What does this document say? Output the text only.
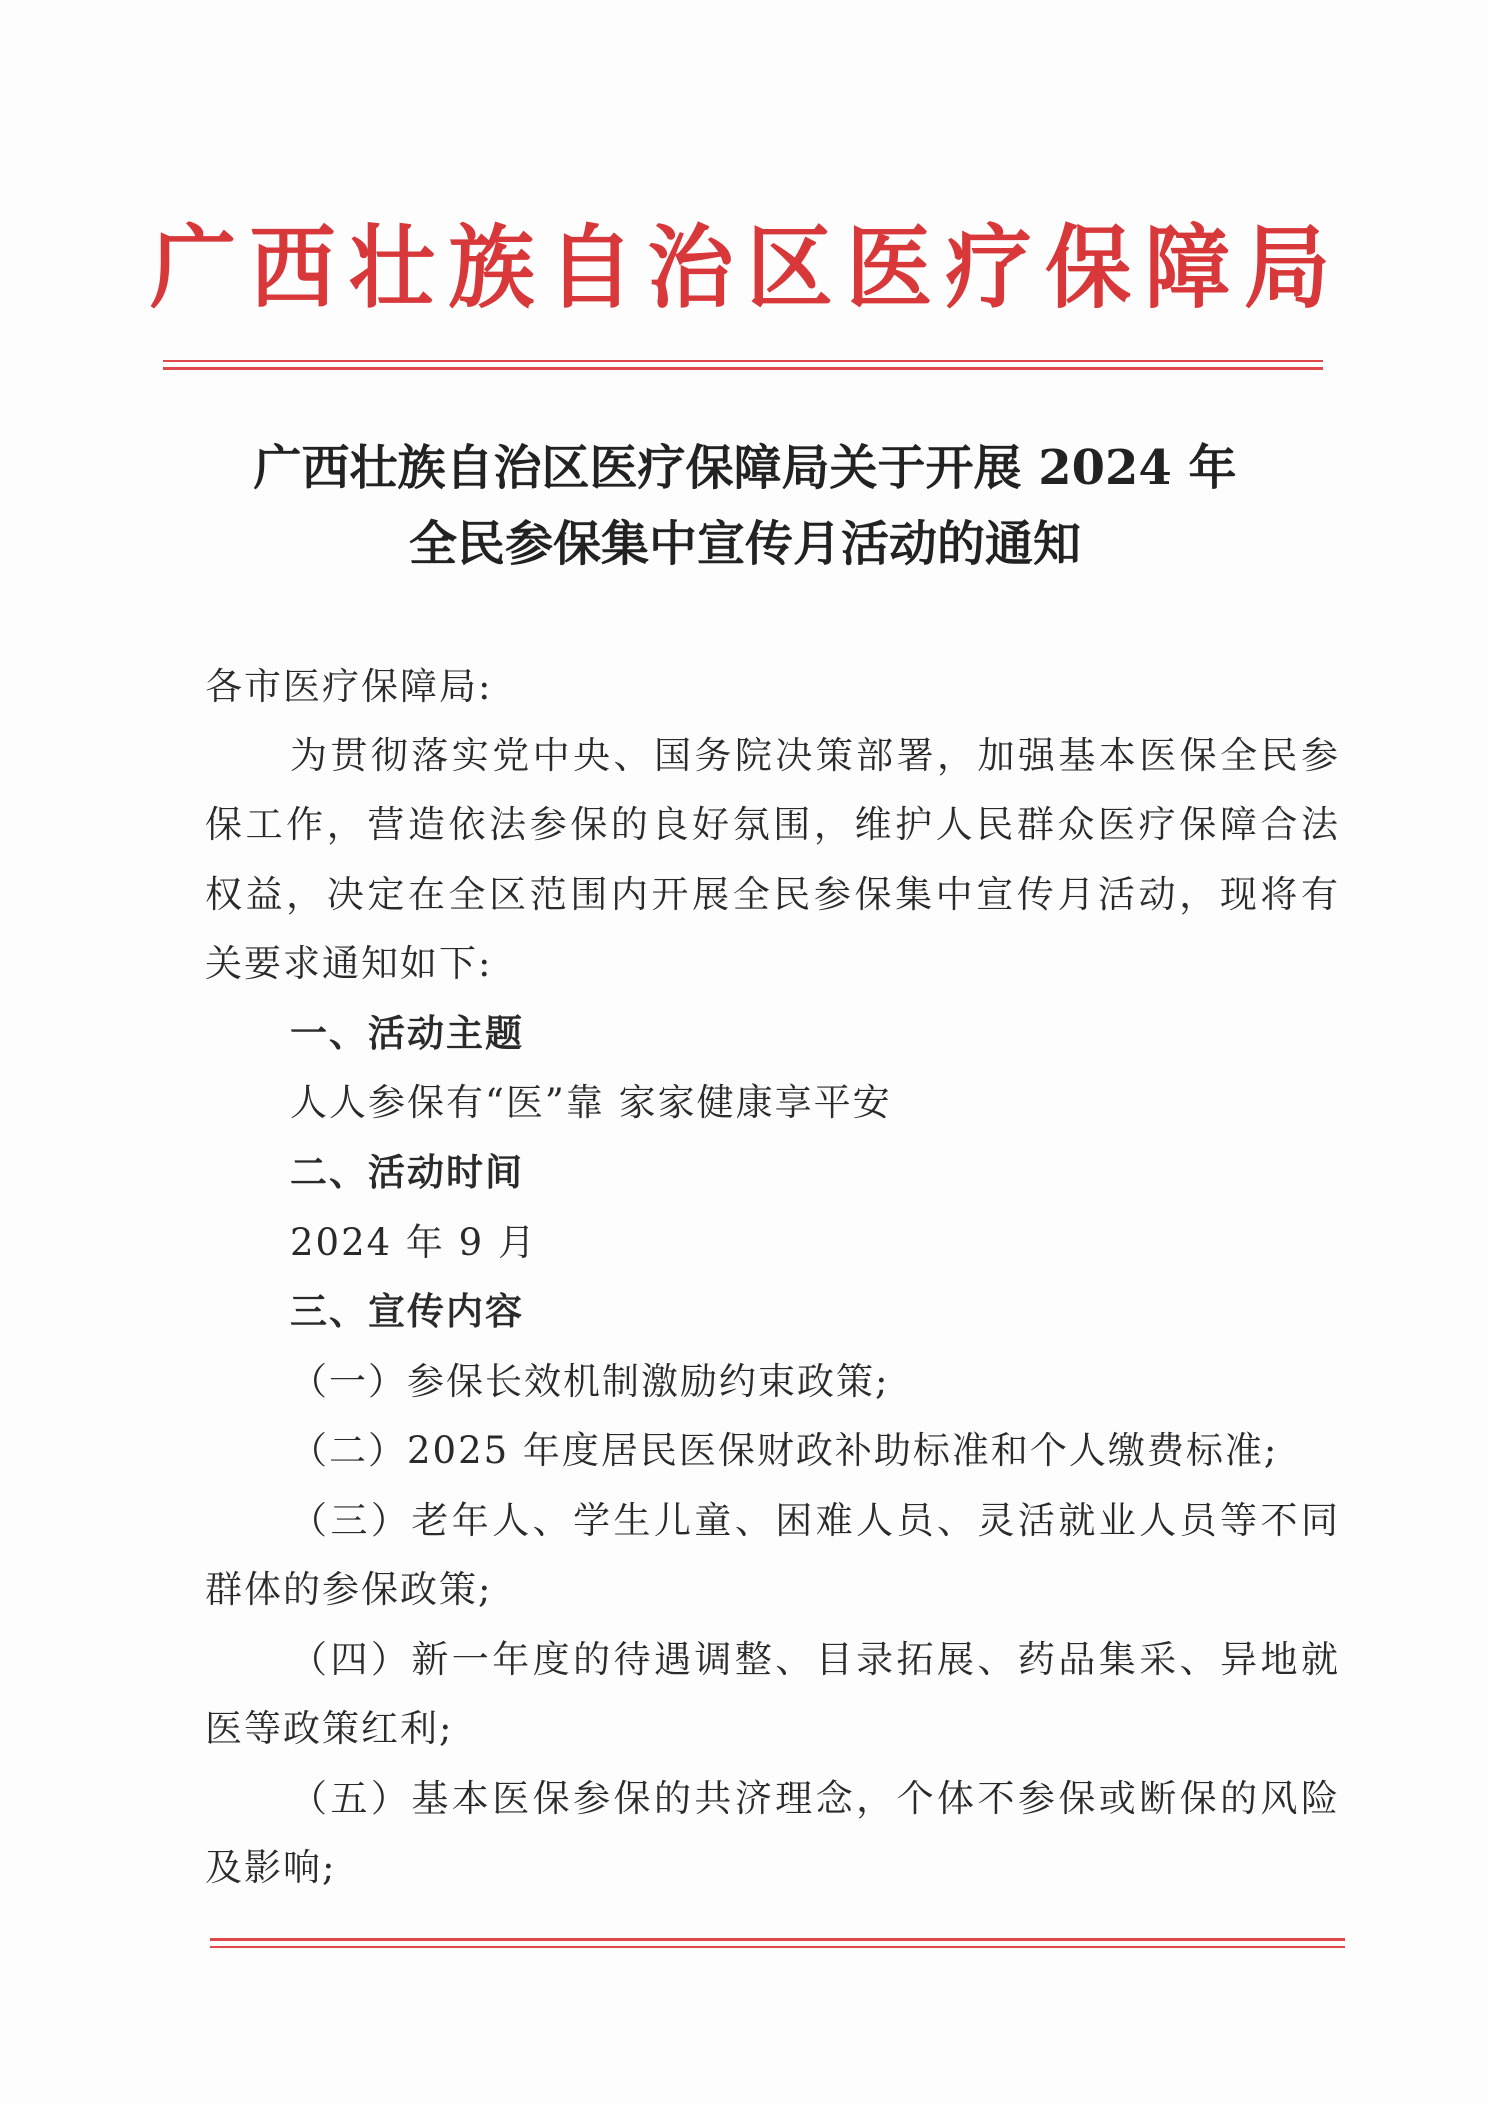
广 西 壮 族 自 治 区 医 疗 保 障 局
广西壮族自治区医疗保障局关于开展 2024 年
全民参保集中宣传月活动的通知
各市医疗保障局:
为贯彻落实党中央、国务院决策部署，加强基本医保全民参
保工作，营造依法参保的良好氛围，维护人民群众医疗保障合法
权益，决定在全区范围内开展全民参保集中宣传月活动，现将有
关要求通知如下:
一、活动主题
人人参保有“医”靠 家家健康享平安
二、活动时间
2024 年 9 月
三、宣传内容
（一）参保长效机制激励约束政策;
（二）2025 年度居民医保财政补助标准和个人缴费标准;
（三）老年人、学生儿童、困难人员、灵活就业人员等不同
群体的参保政策;
（四）新一年度的待遇调整、目录拓展、药品集采、异地就
医等政策红利;
（五）基本医保参保的共济理念，个体不参保或断保的风险
及影响;
